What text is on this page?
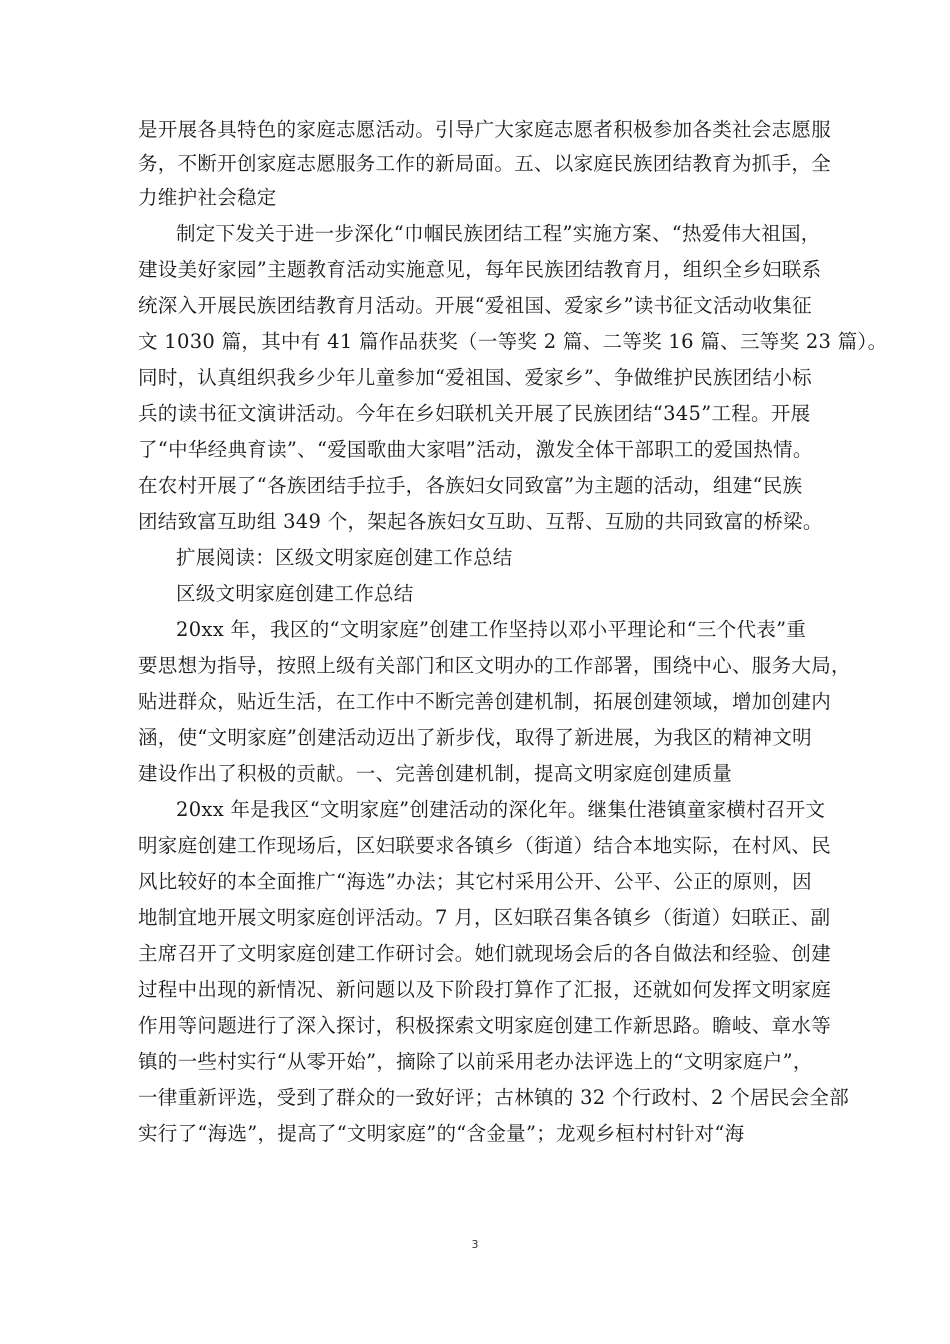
是开展各具特色的家庭志愿活动。引导广大家庭志愿者积极参加各类社会志愿服
务，不断开创家庭志愿服务工作的新局面。五、以家庭民族团结教育为抓手，全
力维护社会稳定
制定下发关于进一步深化“巾帼民族团结工程”实施方案、“热爱伟大祖国，
建设美好家园”主题教育活动实施意见，每年民族团结教育月，组织全乡妇联系
统深入开展民族团结教育月活动。开展“爱祖国、爱家乡”读书征文活动收集征
文 1030 篇，其中有 41 篇作品获奖（一等奖 2 篇、二等奖 16 篇、三等奖 23 篇）。
同时，认真组织我乡少年儿童参加“爱祖国、爱家乡”、争做维护民族团结小标
兵的读书征文演讲活动。今年在乡妇联机关开展了民族团结“345”工程。开展
了“中华经典育读”、“爱国歌曲大家唱”活动，激发全体干部职工的爱国热情。
在农村开展了“各族团结手拉手，各族妇女同致富”为主题的活动，组建“民族
团结致富互助组 349 个，架起各族妇女互助、互帮、互励的共同致富的桥梁。
扩展阅读：区级文明家庭创建工作总结
区级文明家庭创建工作总结
20xx 年，我区的“文明家庭”创建工作坚持以邓小平理论和“三个代表”重
要思想为指导，按照上级有关部门和区文明办的工作部署，围绕中心、服务大局，
贴进群众，贴近生活，在工作中不断完善创建机制，拓展创建领域，增加创建内
涵，使“文明家庭”创建活动迈出了新步伐，取得了新进展，为我区的精神文明
建设作出了积极的贡献。一、完善创建机制，提高文明家庭创建质量
20xx 年是我区“文明家庭”创建活动的深化年。继集仕港镇童家横村召开文
明家庭创建工作现场后，区妇联要求各镇乡（街道）结合本地实际，在村风、民
风比较好的本全面推广“海选”办法；其它村采用公开、公平、公正的原则，因
地制宜地开展文明家庭创评活动。7 月，区妇联召集各镇乡（街道）妇联正、副
主席召开了文明家庭创建工作研讨会。她们就现场会后的各自做法和经验、创建
过程中出现的新情况、新问题以及下阶段打算作了汇报，还就如何发挥文明家庭
作用等问题进行了深入探讨，积极探索文明家庭创建工作新思路。瞻岐、章水等
镇的一些村实行“从零开始”，摘除了以前采用老办法评选上的“文明家庭户”，
一律重新评选，受到了群众的一致好评；古林镇的 32 个行政村、2 个居民会全部
实行了“海选”，提高了“文明家庭”的“含金量”；龙观乡桓村村针对“海
3
